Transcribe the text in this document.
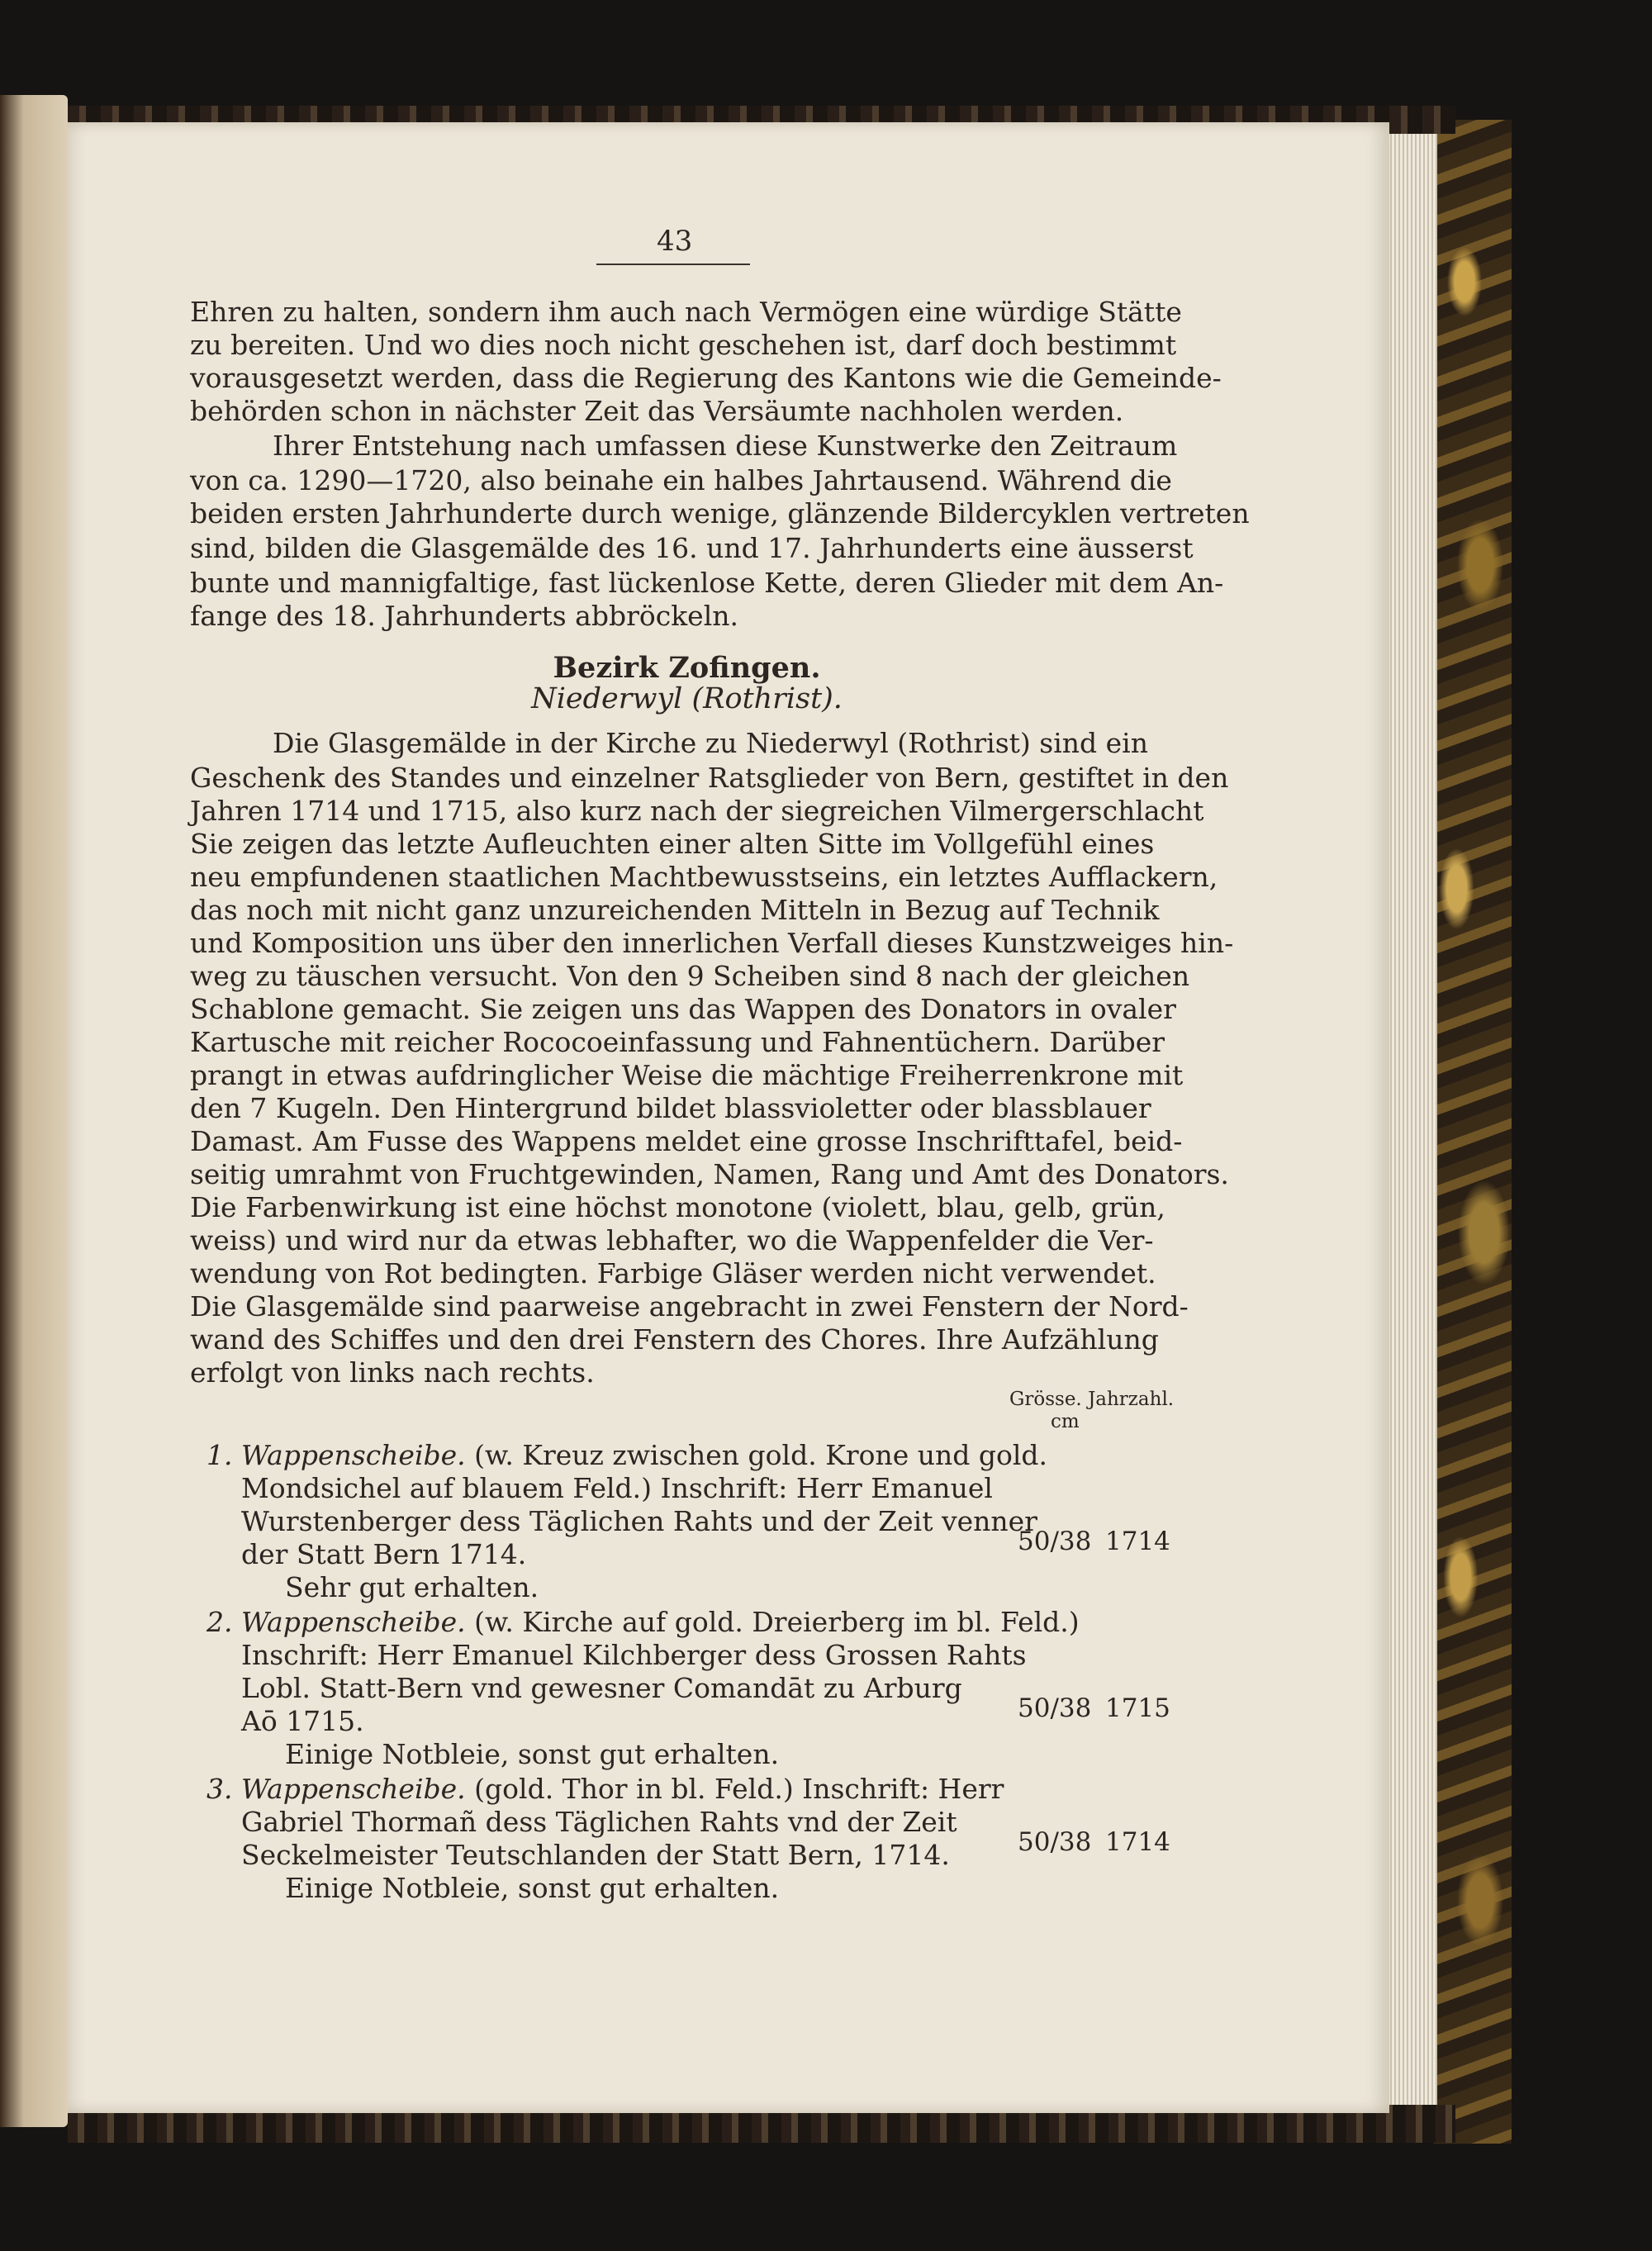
43
Ehren zu halten, sondern ihm auch nach Vermögen eine würdige Stätte
zu bereiten. Und wo dies noch nicht geschehen ist, darf doch bestimmt
vorausgesetzt werden, dass die Regierung des Kantons wie die Gemeinde-
behörden schon in nächster Zeit das Versäumte nachholen werden.
Ihrer Entstehung nach umfassen diese Kunstwerke den Zeitraum
von ca. 1290—1720, also beinahe ein halbes Jahrtausend. Während die
beiden ersten Jahrhunderte durch wenige, glänzende Bildercyklen vertreten
sind, bilden die Glasgemälde des 16. und 17. Jahrhunderts eine äusserst
bunte und mannigfaltige, fast lückenlose Kette, deren Glieder mit dem An-
fange des 18. Jahrhunderts abbröckeln.
Bezirk Zofingen.
Niederwyl (Rothrist).
Die Glasgemälde in der Kirche zu Niederwyl (Rothrist) sind ein
Geschenk des Standes und einzelner Ratsglieder von Bern, gestiftet in den
Jahren 1714 und 1715, also kurz nach der siegreichen Vilmergerschlacht
Sie zeigen das letzte Aufleuchten einer alten Sitte im Vollgefühl eines
neu empfundenen staatlichen Machtbewusstseins, ein letztes Aufflackern,
das noch mit nicht ganz unzureichenden Mitteln in Bezug auf Technik
und Komposition uns über den innerlichen Verfall dieses Kunstzweiges hin-
weg zu täuschen versucht. Von den 9 Scheiben sind 8 nach der gleichen
Schablone gemacht. Sie zeigen uns das Wappen des Donators in ovaler
Kartusche mit reicher Rococoeinfassung und Fahnentüchern. Darüber
prangt in etwas aufdringlicher Weise die mächtige Freiherrenkrone mit
den 7 Kugeln. Den Hintergrund bildet blassvioletter oder blassblauer
Damast. Am Fusse des Wappens meldet eine grosse Inschrifttafel, beid-
seitig umrahmt von Fruchtgewinden, Namen, Rang und Amt des Donators.
Die Farbenwirkung ist eine höchst monotone (violett, blau, gelb, grün,
weiss) und wird nur da etwas lebhafter, wo die Wappenfelder die Ver-
wendung von Rot bedingten. Farbige Gläser werden nicht verwendet.
Die Glasgemälde sind paarweise angebracht in zwei Fenstern der Nord-
wand des Schiffes und den drei Fenstern des Chores. Ihre Aufzählung
erfolgt von links nach rechts.
Grösse. Jahrzahl.
cm
1. Wappenscheibe. (w. Kreuz zwischen gold. Krone und gold.
Mondsichel auf blauem Feld.) Inschrift: Herr Emanuel
Wurstenberger dess Täglichen Rahts und der Zeit venner
der Statt Bern 1714.
Sehr gut erhalten.
50/38 1714
2. Wappenscheibe. (w. Kirche auf gold. Dreierberg im bl. Feld.)
Inschrift: Herr Emanuel Kilchberger dess Grossen Rahts
Lobl. Statt-Bern vnd gewesner Comandāt zu Arburg
Aō 1715.
Einige Notbleie, sonst gut erhalten.
50/38 1715
3. Wappenscheibe. (gold. Thor in bl. Feld.) Inschrift: Herr
Gabriel Thormañ dess Täglichen Rahts vnd der Zeit
Seckelmeister Teutschlanden der Statt Bern, 1714.
Einige Notbleie, sonst gut erhalten.
50/38 1714
